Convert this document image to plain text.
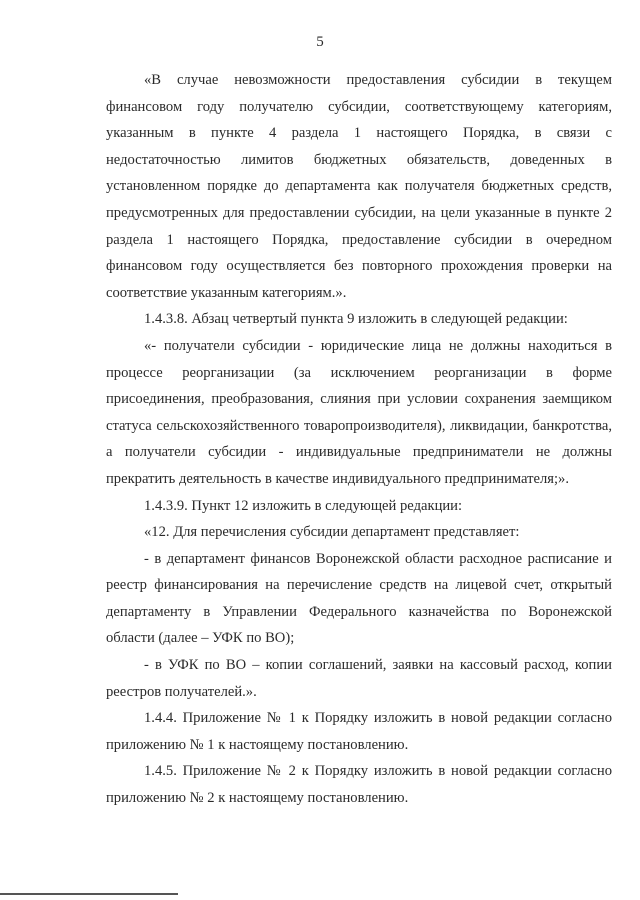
5

«В случае невозможности предоставления субсидии в текущем финансовом году получателю субсидии, соответствующему категориям, указанным в пункте 4 раздела 1 настоящего Порядка, в связи с недостаточностью лимитов бюджетных обязательств, доведенных в установленном порядке до департамента как получателя бюджетных средств, предусмотренных для предоставлении субсидии, на цели указанные в пункте 2 раздела 1 настоящего Порядка, предоставление субсидии в очередном финансовом году осуществляется без повторного прохождения проверки на соответствие указанным категориям.».

1.4.3.8. Абзац четвертый пункта 9 изложить в следующей редакции:

«- получатели субсидии - юридические лица не должны находиться в процессе реорганизации (за исключением реорганизации в форме присоединения, преобразования, слияния при условии сохранения заемщиком статуса сельскохозяйственного товаропроизводителя), ликвидации, банкротства, а получатели субсидии - индивидуальные предприниматели не должны прекратить деятельность в качестве индивидуального предпринимателя;».

1.4.3.9. Пункт 12 изложить в следующей редакции:

«12. Для перечисления субсидии департамент представляет:

- в департамент финансов Воронежской области расходное расписание и реестр финансирования на перечисление средств на лицевой счет, открытый департаменту в Управлении Федерального казначейства по Воронежской области (далее – УФК по ВО);

- в УФК по ВО – копии соглашений, заявки на кассовый расход, копии реестров получателей.».

1.4.4. Приложение № 1 к Порядку изложить в новой редакции согласно приложению № 1 к настоящему постановлению.

1.4.5. Приложение № 2 к Порядку изложить в новой редакции согласно приложению № 2 к настоящему постановлению.
